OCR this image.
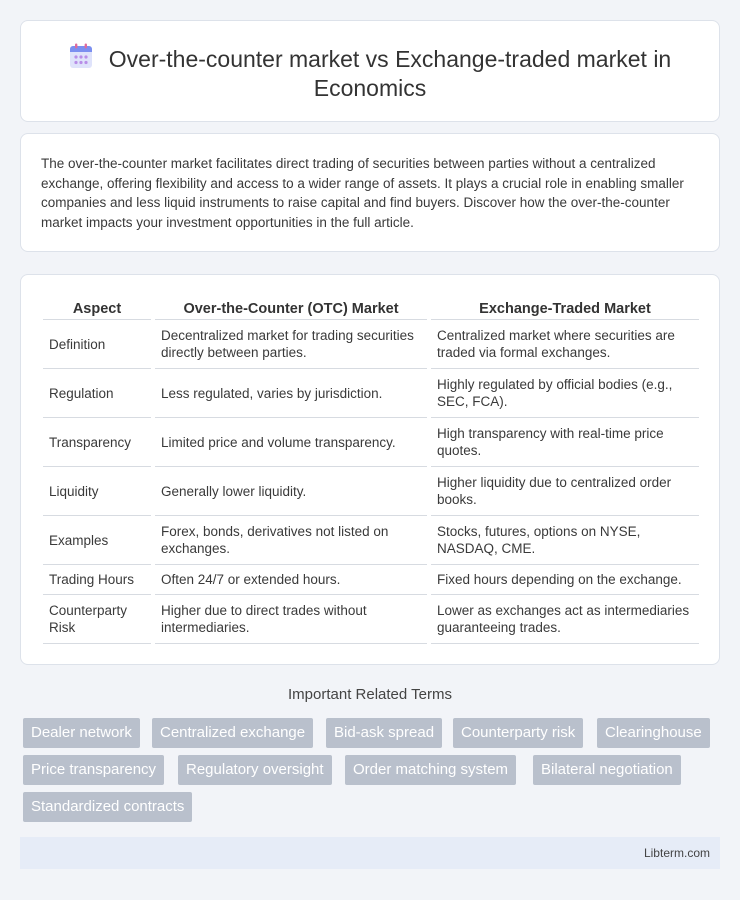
Over-the-counter market vs Exchange-traded market in Economics

The over-the-counter market facilitates direct trading of securities between parties without a centralized exchange, offering flexibility and access to a wider range of assets. It plays a crucial role in enabling smaller companies and less liquid instruments to raise capital and find buyers. Discover how the over-the-counter market impacts your investment opportunities in the full article.

Aspect		Over-the-Counter (OTC) Market		Exchange-Traded Market
Definition		Decentralized market for trading securities directly between parties.		Centralized market where securities are traded via formal exchanges.
Regulation		Less regulated, varies by jurisdiction.		Highly regulated by official bodies (e.g., SEC, FCA).
Transparency		Limited price and volume transparency.		High transparency with real-time price quotes.
Liquidity		Generally lower liquidity.		Higher liquidity due to centralized order books.
Examples		Forex, bonds, derivatives not listed on exchanges.		Stocks, futures, options on NYSE, NASDAQ, CME.
Trading Hours		Often 24/7 or extended hours.		Fixed hours depending on the exchange.
Counterparty Risk		Higher due to direct trades without intermediaries.		Lower as exchanges act as intermediaries guaranteeing trades.
Important Related Terms
Dealer network	Centralized exchange	Bid-ask spread	Counterparty risk	Clearinghouse
Price transparency	Regulatory oversight	Order matching system	Bilateral negotiation
Standardized contracts
Libterm.com
